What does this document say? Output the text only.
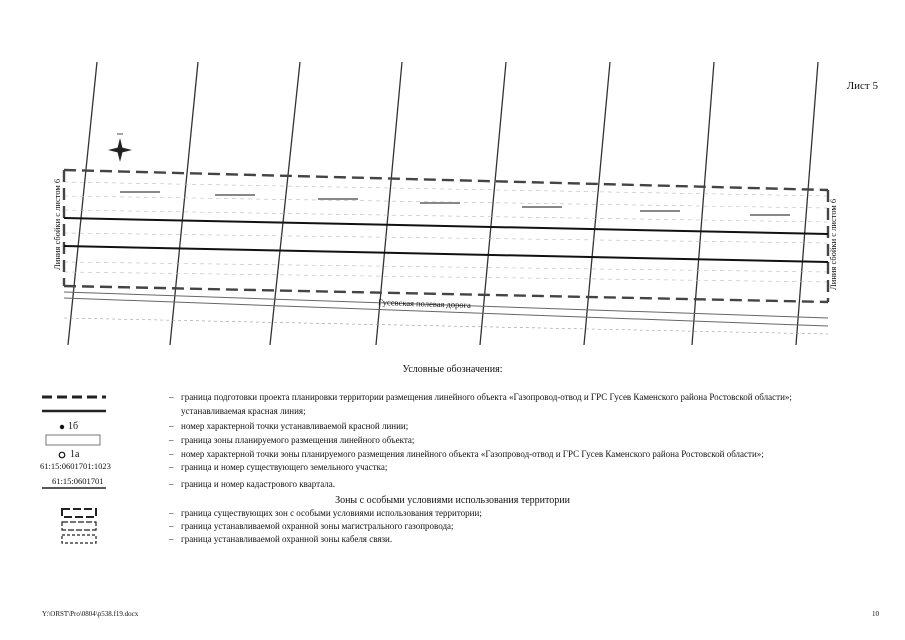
Лист 5
Линия сбойки с листом 6	Линия сбойки с листом 6
Гусевская полевая дорога
Условные обозначения:
– граница подготовки проекта планировки территории размещения линейного объекта «Газопровод-отвод и ГРС Гусев Каменского района Ростовской области»;
устанавливаемая красная линия;
1б	– номер характерной точки устанавливаемой красной линии;
– граница зоны планируемого размещения линейного объекта;
1а	– номер характерной точки зоны планируемого размещения линейного объекта «Газопровод-отвод и ГРС Гусев Каменского района Ростовской области»;
61:15:0601701:1023	– граница и номер существующего земельного участка;
61:15:0601701	– граница и номер кадастрового квартала.
Зоны с особыми условиями использования территории
– граница существующих зон с особыми условиями использования территории;
– граница устанавливаемой охранной зоны магистрального газопровода;
– граница устанавливаемой охранной зоны кабеля связи.
Y:\ORST\Pro\0804\p538.f19.docx	10
